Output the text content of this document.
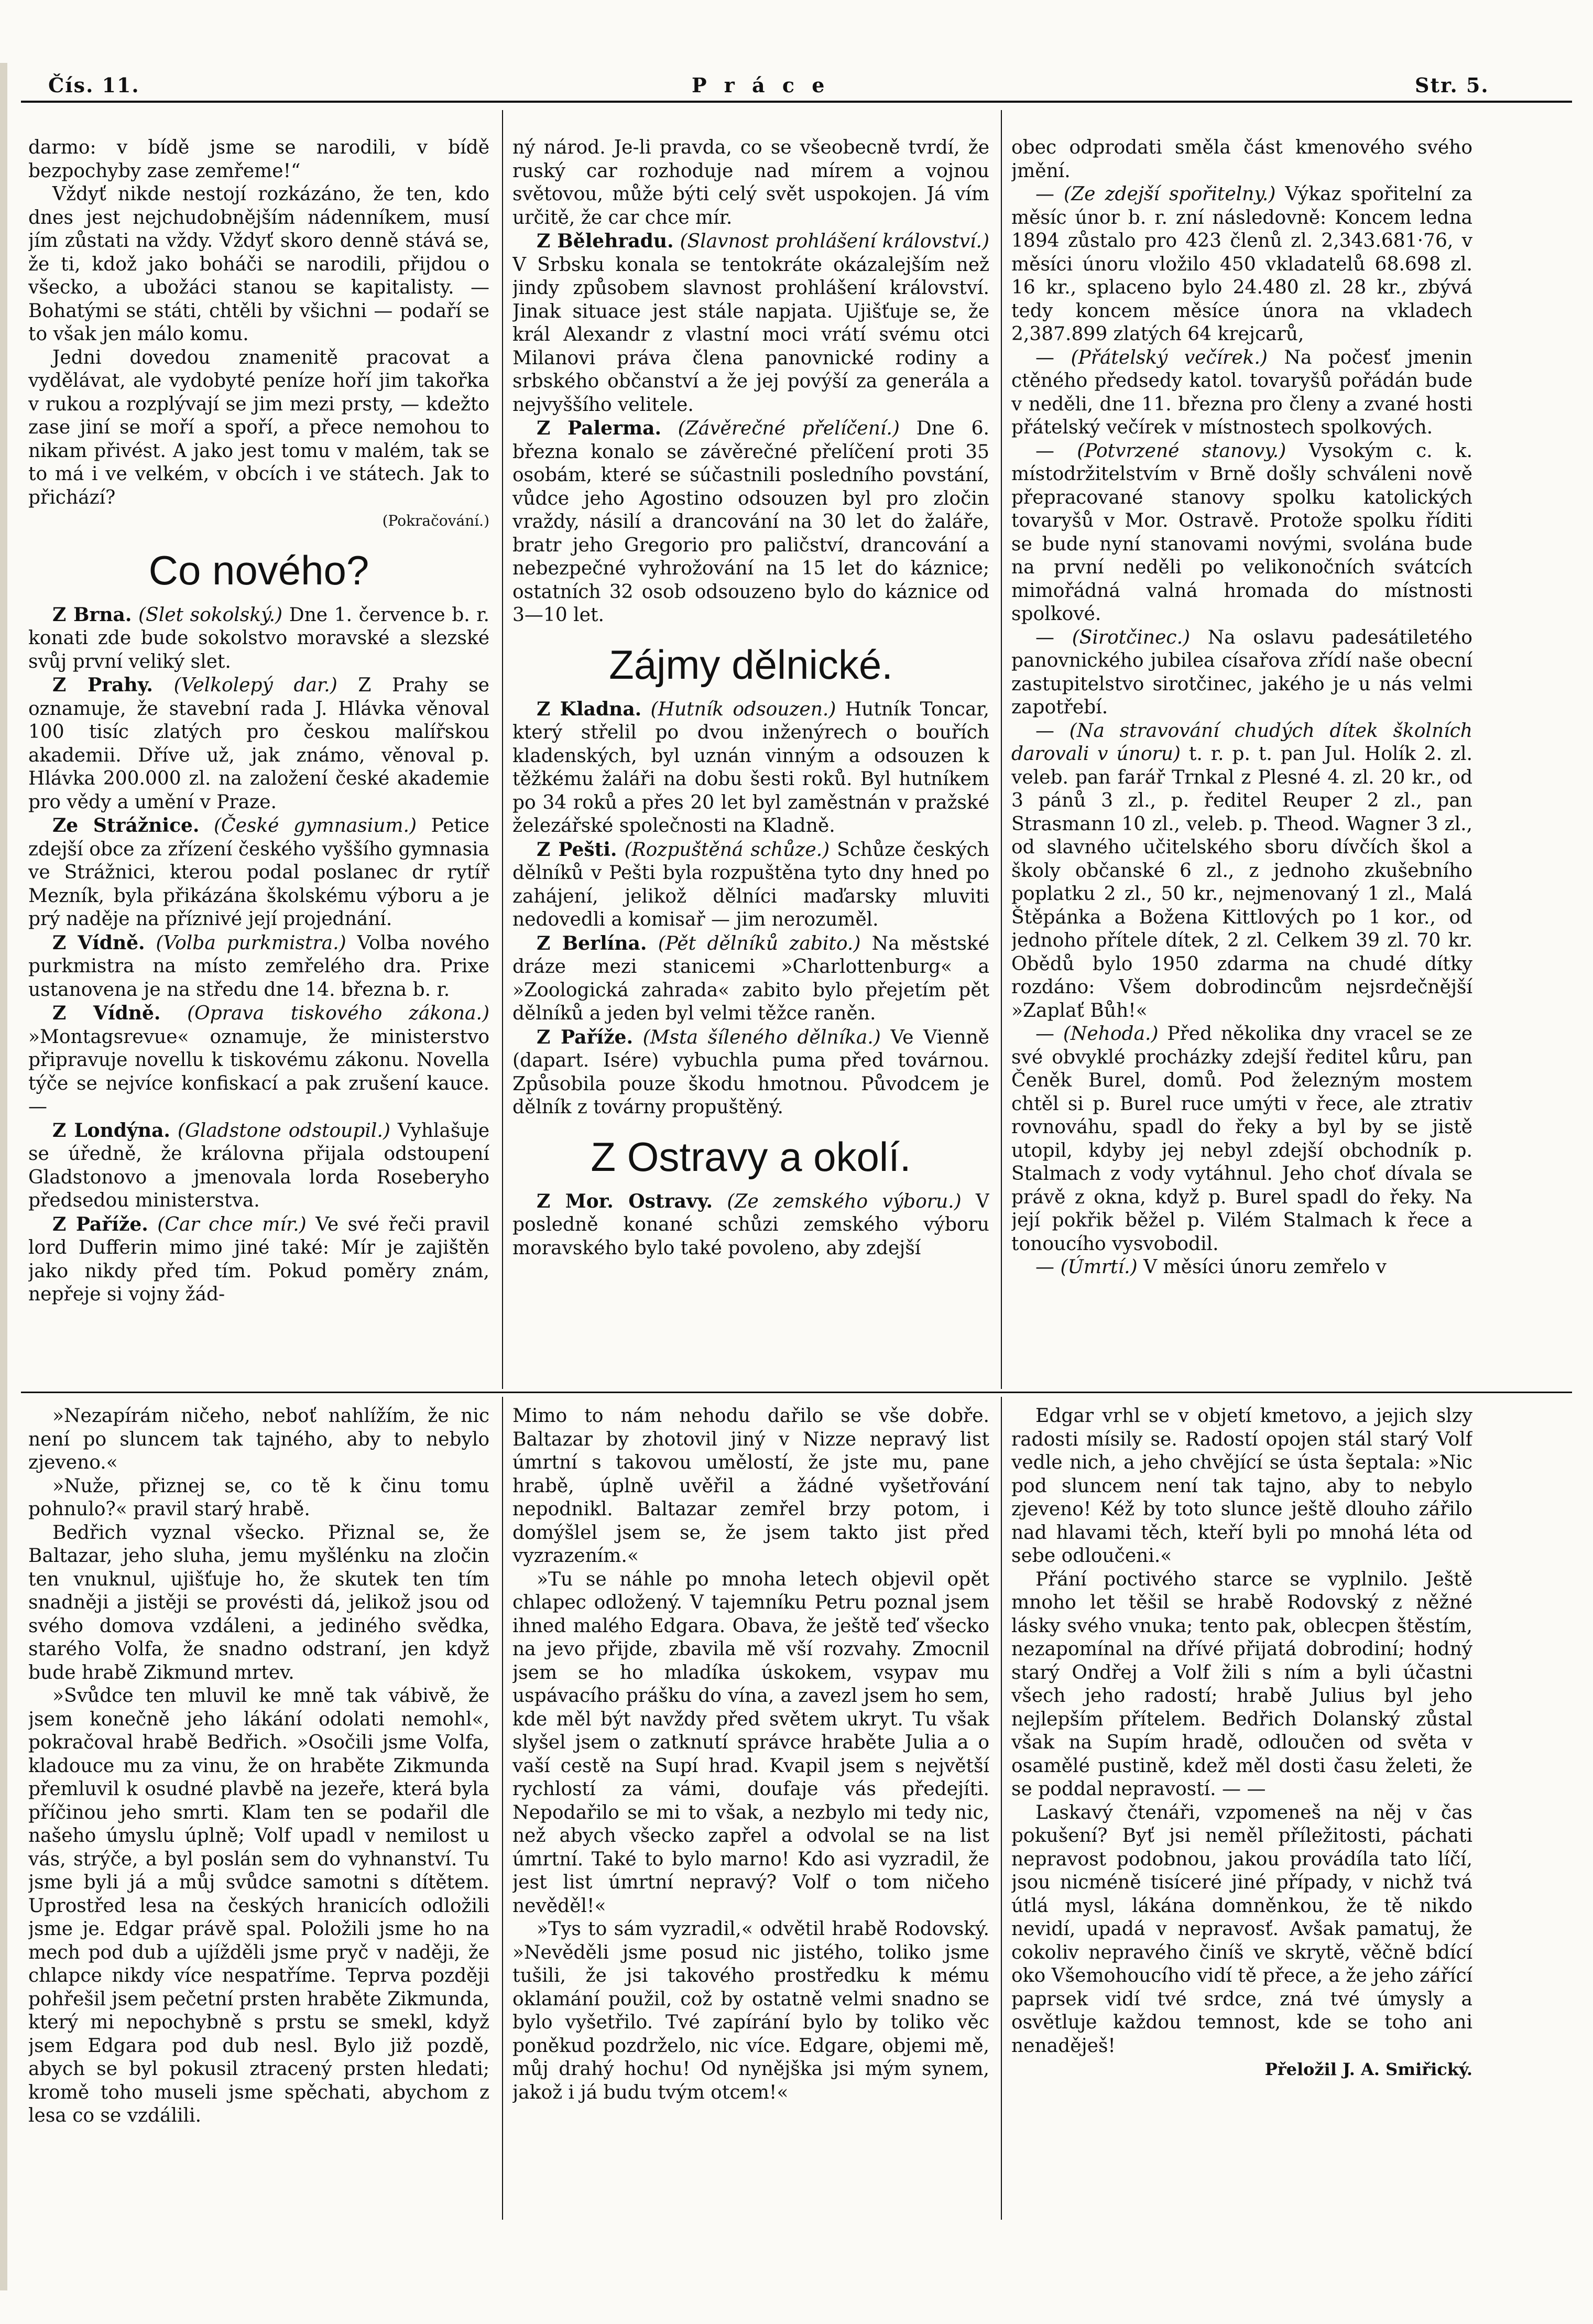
Čís. 11.	P r á c e	Str. 5.

darmo: v bídě jsme se narodili, v bídě bezpochyby zase zemřeme!“

Vždyť nikde nestojí rozkázáno, že ten, kdo dnes jest nejchudobnějším nádenníkem, musí jím zůstati na vždy. Vždyť skoro denně stává se, že ti, kdož jako boháči se narodili, přijdou o všecko, a ubožáci stanou se kapitalisty. — Bohatými se státi, chtěli by všichni — podaří se to však jen málo komu.

Jedni dovedou znamenitě pracovat a vydělávat, ale vydobyté peníze hoří jim takořka v rukou a rozplývají se jim mezi prsty, — kdežto zase jiní se moří a spoří, a přece nemohou to nikam přivést. A jako jest tomu v malém, tak se to má i ve velkém, v obcích i ve státech. Jak to přichází?

(Pokračování.)

Co nového?

Z Brna. (Slet sokolský.) Dne 1. července b. r. konati zde bude sokolstvo moravské a slezské svůj první veliký slet.

Z Prahy. (Velkolepý dar.) Z Prahy se oznamuje, že stavební rada J. Hlávka věnoval 100 tisíc zlatých pro českou malířskou akademii. Dříve už, jak známo, věnoval p. Hlávka 200.000 zl. na založení české akademie pro vědy a umění v Praze.

Ze Strážnice. (České gymnasium.) Petice zdejší obce za zřízení českého vyššího gymnasia ve Strážnici, kterou podal poslanec dr rytíř Mezník, byla přikázána školskému výboru a je prý naděje na příznivé její projednání.

Z Vídně. (Volba purkmistra.) Volba nového purkmistra na místo zemřelého dra. Prixe ustanovena je na středu dne 14. března b. r.

Z Vídně. (Oprava tiskového zákona.) »Montagsrevue« oznamuje, že ministerstvo připravuje novellu k tiskovému zákonu. Novella týče se nejvíce konfiskací a pak zrušení kauce. —

Z Londýna. (Gladstone odstoupil.) Vyhlašuje se úředně, že královna přijala odstoupení Gladstonovo a jmenovala lorda Roseberyho předsedou ministerstva.

Z Paříže. (Car chce mír.) Ve své řeči pravil lord Dufferin mimo jiné také: Mír je zajištěn jako nikdy před tím. Pokud poměry znám, nepřeje si vojny žád-

ný národ. Je-li pravda, co se všeobecně tvrdí, že ruský car rozhoduje nad mírem a vojnou světovou, může býti celý svět uspokojen. Já vím určitě, že car chce mír.

Z Bělehradu. (Slavnost prohlášení království.) V Srbsku konala se tentokráte okázalejším než jindy způsobem slavnost prohlášení království. Jinak situace jest stále napjata. Ujišťuje se, že král Alexandr z vlastní moci vrátí svému otci Milanovi práva člena panovnické rodiny a srbského občanství a že jej povýší za generála a nejvyššího velitele.

Z Palerma. (Závěrečné přelíčení.) Dne 6. března konalo se závěrečné přelíčení proti 35 osobám, které se súčastnili posledního povstání, vůdce jeho Agostino odsouzen byl pro zločin vraždy, násilí a drancování na 30 let do žaláře, bratr jeho Gregorio pro paličství, drancování a nebezpečné vyhrožování na 15 let do káznice; ostatních 32 osob odsouzeno bylo do káznice od 3—10 let.

Zájmy dělnické.

Z Kladna. (Hutník odsouzen.) Hutník Toncar, který střelil po dvou inženýrech o bouřích kladenských, byl uznán vinným a odsouzen k těžkému žaláři na dobu šesti roků. Byl hutníkem po 34 roků a přes 20 let byl zaměstnán v pražské železářské společnosti na Kladně.

Z Pešti. (Rozpuštěná schůze.) Schůze českých dělníků v Pešti byla rozpuštěna tyto dny hned po zahájení, jelikož dělníci maďarsky mluviti nedovedli a komisař — jim nerozuměl.

Z Berlína. (Pět dělníků zabito.) Na městské dráze mezi stanicemi »Charlottenburg« a »Zoologická zahrada« zabito bylo přejetím pět dělníků a jeden byl velmi těžce raněn.

Z Paříže. (Msta šíleného dělníka.) Ve Vienně (dapart. Isére) vybuchla puma před továrnou. Způsobila pouze škodu hmotnou. Původcem je dělník z továrny propuštěný.

Z Ostravy a okolí.

Z Mor. Ostravy. (Ze zemského výboru.) V posledně konané schůzi zemského výboru moravského bylo také povoleno, aby zdejší

obec odprodati směla část kmenového svého jmění.

— (Ze zdejší spořitelny.) Výkaz spořitelní za měsíc únor b. r. zní následovně: Koncem ledna 1894 zůstalo pro 423 členů zl. 2,343.681·76, v měsíci únoru vložilo 450 vkladatelů 68.698 zl. 16 kr., splaceno bylo 24.480 zl. 28 kr., zbývá tedy koncem měsíce února na vkladech 2,387.899 zlatých 64 krejcarů,

— (Přátelský večírek.) Na počesť jmenin ctěného předsedy katol. tovaryšů pořádán bude v neděli, dne 11. března pro členy a zvané hosti přátelský večírek v místnostech spolkových.

— (Potvrzené stanovy.) Vysokým c. k. místodržitelstvím v Brně došly schváleni nově přepracované stanovy spolku katolických tovaryšů v Mor. Ostravě. Protože spolku říditi se bude nyní stanovami novými, svolána bude na první neděli po velikonočních svátcích mimořádná valná hromada do místnosti spolkové.

— (Sirotčinec.) Na oslavu padesátiletého panovnického jubilea císařova zřídí naše obecní zastupitelstvo sirotčinec, jakého je u nás velmi zapotřebí.

— (Na stravování chudých dítek školních darovali v únoru) t. r. p. t. pan Jul. Holík 2. zl. veleb. pan farář Trnkal z Plesné 4. zl. 20 kr., od 3 pánů 3 zl., p. ředitel Reuper 2 zl., pan Strasmann 10 zl., veleb. p. Theod. Wagner 3 zl., od slavného učitelského sboru dívčích škol a školy občanské 6 zl., z jednoho zkušebního poplatku 2 zl., 50 kr., nejmenovaný 1 zl., Malá Štěpánka a Božena Kittlových po 1 kor., od jednoho přítele dítek, 2 zl. Celkem 39 zl. 70 kr. Obědů bylo 1950 zdarma na chudé dítky rozdáno: Všem dobrodincům nejsrdečnější »Zaplať Bůh!«

— (Nehoda.) Před několika dny vracel se ze své obvyklé procházky zdejší ředitel kůru, pan Čeněk Burel, domů. Pod železným mostem chtěl si p. Burel ruce umýti v řece, ale ztrativ rovnováhu, spadl do řeky a byl by se jistě utopil, kdyby jej nebyl zdejší obchodník p. Stalmach z vody vytáhnul. Jeho choť dívala se právě z okna, když p. Burel spadl do řeky. Na její pokřik běžel p. Vilém Stalmach k řece a tonoucího vysvobodil.

— (Úmrtí.) V měsíci únoru zemřelo v

»Nezapírám ničeho, neboť nahlížím, že nic není po sluncem tak tajného, aby to nebylo zjeveno.«

»Nuže, přiznej se, co tě k činu tomu pohnulo?« pravil starý hrabě.

Bedřich vyznal všecko. Přiznal se, že Baltazar, jeho sluha, jemu myšlénku na zločin ten vnuknul, ujišťuje ho, že skutek ten tím snadněji a jistěji se provésti dá, jelikož jsou od svého domova vzdáleni, a jediného svědka, starého Volfa, že snadno odstraní, jen když bude hrabě Zikmund mrtev.

»Svůdce ten mluvil ke mně tak vábivě, že jsem konečně jeho lákání odolati nemohl«, pokračoval hrabě Bedřich. »Osočili jsme Volfa, kladouce mu za vinu, že on hraběte Zikmunda přemluvil k osudné plavbě na jezeře, která byla příčinou jeho smrti. Klam ten se podařil dle našeho úmyslu úplně; Volf upadl v nemilost u vás, strýče, a byl poslán sem do vyhnanství. Tu jsme byli já a můj svůdce samotni s dítětem. Uprostřed lesa na českých hranicích odložili jsme je. Edgar právě spal. Položili jsme ho na mech pod dub a ujížděli jsme pryč v naději, že chlapce nikdy více nespatříme. Teprva později pohřešil jsem pečetní prsten hraběte Zikmunda, který mi nepochybně s prstu se smekl, když jsem Edgara pod dub nesl. Bylo již pozdě, abych se byl pokusil ztracený prsten hledati; kromě toho museli jsme spěchati, abychom z lesa co se vzdálili.

Mimo to nám nehodu dařilo se vše dobře. Baltazar by zhotovil jiný v Nizze nepravý list úmrtní s takovou umělostí, že jste mu, pane hrabě, úplně uvěřil a žádné vyšetřování nepodnikl. Baltazar zemřel brzy potom, i domýšlel jsem se, že jsem takto jist před vyzrazením.«

»Tu se náhle po mnoha letech objevil opět chlapec odložený. V tajemníku Petru poznal jsem ihned malého Edgara. Obava, že ještě teď všecko na jevo přijde, zbavila mě vší rozvahy. Zmocnil jsem se ho mladíka úskokem, vsypav mu uspávacího prášku do vína, a zavezl jsem ho sem, kde měl být navždy před světem ukryt. Tu však slyšel jsem o zatknutí správce hraběte Julia a o vaší cestě na Supí hrad. Kvapil jsem s největší rychlostí za vámi, doufaje vás předejíti. Nepodařilo se mi to však, a nezbylo mi tedy nic, než abych všecko zapřel a odvolal se na list úmrtní. Také to bylo marno! Kdo asi vyzradil, že jest list úmrtní nepravý? Volf o tom ničeho nevěděl!«

»Tys to sám vyzradil,« odvětil hrabě Rodovský. »Nevěděli jsme posud nic jistého, toliko jsme tušili, že jsi takového prostředku k mému oklamání použil, což by ostatně velmi snadno se bylo vyšetřilo. Tvé zapírání bylo by toliko věc poněkud pozdrželo, nic více. Edgare, objemi mě, můj drahý hochu! Od nynějška jsi mým synem, jakož i já budu tvým otcem!«

Edgar vrhl se v objetí kmetovo, a jejich slzy radosti mísily se. Radostí opojen stál starý Volf vedle nich, a jeho chvějící se ústa šeptala: »Nic pod sluncem není tak tajno, aby to nebylo zjeveno! Kéž by toto slunce ještě dlouho zářilo nad hlavami těch, kteří byli po mnohá léta od sebe odloučeni.«

Přání poctivého starce se vyplnilo. Ještě mnoho let těšil se hrabě Rodovský z něžné lásky svého vnuka; tento pak, oblecpen štěstím, nezapomínal na dřívé přijatá dobrodiní; hodný starý Ondřej a Volf žili s ním a byli účastni všech jeho radostí; hrabě Julius byl jeho nejlepším přítelem. Bedřich Dolanský zůstal však na Supím hradě, odloučen od světa v osamělé pustině, kdež měl dosti času želeti, že se poddal nepravostí. — —

Laskavý čtenáři, vzpomeneš na něj v čas pokušení? Byť jsi neměl příležitosti, páchati nepravost podobnou, jakou provádíla tato líčí, jsou nicméně tisíceré jiné případy, v nichž tvá útlá mysl, lákána domněnkou, že tě nikdo nevidí, upadá v nepravosť. Avšak pamatuj, že cokoliv nepravého činíš ve skrytě, věčně bdící oko Všemohoucího vidí tě přece, a že jeho zářící paprsek vidí tvé srdce, zná tvé úmysly a osvětluje každou temnost, kde se toho ani nenaděješ!

Přeložil J. A. Smiřický.
